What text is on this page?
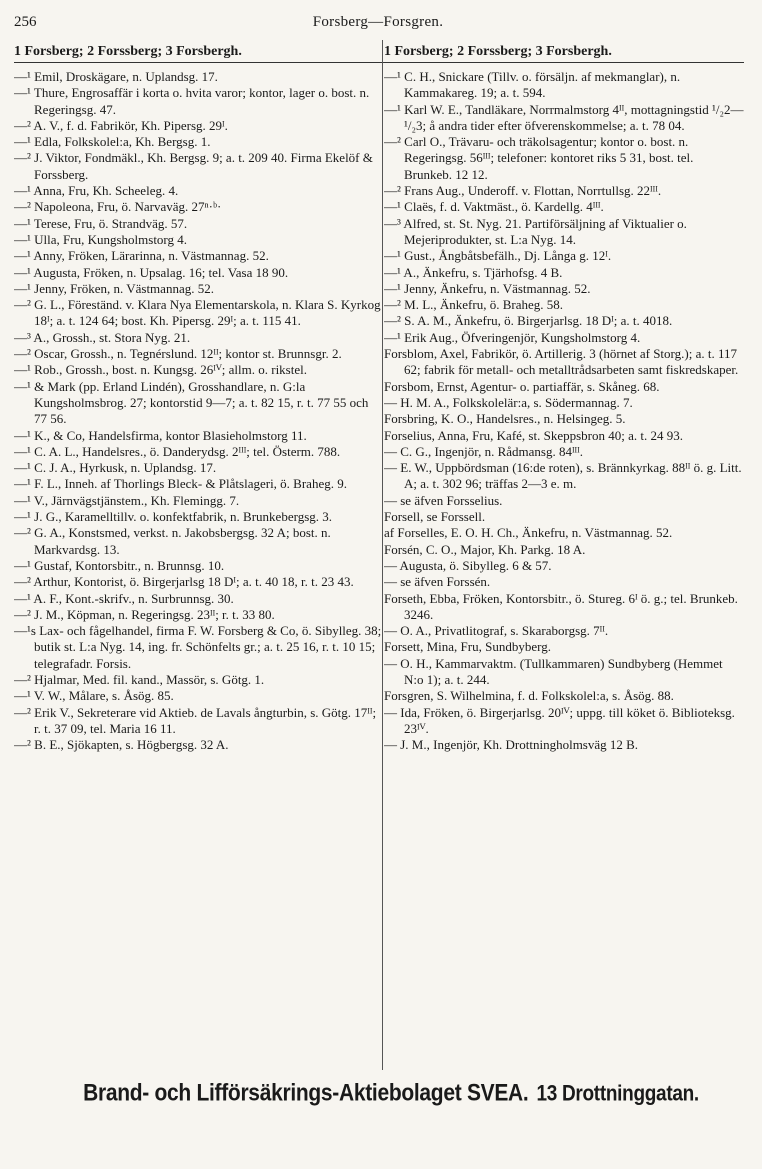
256	Forsberg—Forsgren.
1 Forsberg; 2 Forssberg; 3 Forsbergh.
—¹ Emil, Droskägare, n. Uplandsg. 17.
—¹ Thure, Engrosaffär i korta o. hvita varor; kontor, lager o. bost. n. Regeringsg. 47.
—² A. V., f. d. Fabrikör, Kh. Pipersg. 29ᴵ.
—¹ Edla, Folkskolel:a, Kh. Bergsg. 1.
—² J. Viktor, Fondmäkl., Kh. Bergsg. 9; a. t. 209 40. Firma Ekelöf & Forssberg.
—¹ Anna, Fru, Kh. Scheeleg. 4.
—² Napoleona, Fru, ö. Narvaväg. 27ⁿ·ᵇ·
—¹ Terese, Fru, ö. Strandväg. 57.
—¹ Ulla, Fru, Kungsholmstorg 4.
—¹ Anny, Fröken, Lärarinna, n. Västmannag. 52.
—¹ Augusta, Fröken, n. Upsalag. 16; tel. Vasa 18 90.
—¹ Jenny, Fröken, n. Västmannag. 52.
—² G. L., Föreständ. v. Klara Nya Elementarskola, n. Klara S. Kyrkog 18ᴵ; a. t. 124 64; bost. Kh. Pipersg. 29ᴵ; a. t. 115 41.
—³ A., Grossh., st. Stora Nyg. 21.
—² Oscar, Grossh., n. Tegnérslund. 12ᴵᴵ; kontor st. Brunnsgr. 2.
—¹ Rob., Grossh., bost. n. Kungsg. 26ᴵⱽ; allm. o. rikstel.
—¹ & Mark (pp. Erland Lindén), Grosshandlare, n. G:la Kungsholmsbrog. 27; kontorstid 9—7; a. t. 82 15, r. t. 77 55 och 77 56.
—¹ K., & Co, Handelsfirma, kontor Blasieholmstorg 11.
—¹ C. A. L., Handelsres., ö. Danderydsg. 2ᴵᴵᴵ; tel. Österm. 788.
—¹ C. J. A., Hyrkusk, n. Uplandsg. 17.
—¹ F. L., Inneh. af Thorlings Bleck- & Plåtslageri, ö. Braheg. 9.
—¹ V., Järnvägstjänstem., Kh. Flemingg. 7.
—¹ J. G., Karamelltillv. o. konfektfabrik, n. Brunkebergsg. 3.
—² G. A., Konstsmed, verkst. n. Jakobsbergsg. 32 A; bost. n. Markvardsg. 13.
—¹ Gustaf, Kontorsbitr., n. Brunnsg. 10.
—² Arthur, Kontorist, ö. Birgerjarlsg 18 Dᴵ; a. t. 40 18, r. t. 23 43.
—¹ A. F., Kont.-skrifv., n. Surbrunnsg. 30.
—² J. M., Köpman, n. Regeringsg. 23ᴵᴵ; r. t. 33 80.
—¹s Lax- och fågelhandel, firma F. W. Forsberg & Co, ö. Sibylleg. 38; butik st. L:a Nyg. 14, ing. fr. Schönfelts gr.; a. t. 25 16, r. t. 10 15; telegrafadr. Forsis.
—² Hjalmar, Med. fil. kand., Massör, s. Götg. 1.
—¹ V. W., Målare, s. Åsög. 85.
—² Erik V., Sekreterare vid Aktieb. de Lavals ångturbin, s. Götg. 17ᴵᴵ; r. t. 37 09, tel. Maria 16 11.
—² B. E., Sjökapten, s. Högbergsg. 32 A.
1 Forsberg; 2 Forssberg; 3 Forsbergh.
—¹ C. H., Snickare (Tillv. o. försäljn. af mekmanglar), n. Kammakareg. 19; a. t. 594.
—¹ Karl W. E., Tandläkare, Norrmalmstorg 4ᴵᴵ, mottagningstid ¹/₂2—¹/₂3; å andra tider efter öfverenskommelse; a. t. 78 04.
—² Carl O., Trävaru- och träkolsagentur; kontor o. bost. n. Regeringsg. 56ᴵᴵᴵ; telefoner: kontoret riks 5 31, bost. tel. Brunkeb. 12 12.
—² Frans Aug., Underoff. v. Flottan, Norrtullsg. 22ᴵᴵᴵ.
—¹ Claës, f. d. Vaktmäst., ö. Kardellg. 4ᴵᴵᴵ.
—³ Alfred, st. St. Nyg. 21. Partiförsäljning af Viktualier o. Mejeriprodukter, st. L:a Nyg. 14.
—¹ Gust., Ångbåtsbefälh., Dj. Långa g. 12ᴵ.
—¹ A., Änkefru, s. Tjärhofsg. 4 B.
—¹ Jenny, Änkefru, n. Västmannag. 52.
—² M. L., Änkefru, ö. Braheg. 58.
—² S. A. M., Änkefru, ö. Birgerjarlsg. 18 Dᴵ; a. t. 4018.
—¹ Erik Aug., Öfveringenjör, Kungsholmstorg 4.
Forsblom, Axel, Fabrikör, ö. Artillerig. 3 (hörnet af Storg.); a. t. 117 62; fabrik för metall- och metalltrådsarbeten samt fiskredskaper.
Forsbom, Ernst, Agentur- o. partiaffär, s. Skåneg. 68.
— H. M. A., Folkskolelär:a, s. Södermannag. 7.
Forsbring, K. O., Handelsres., n. Helsingeg. 5.
Forselius, Anna, Fru, Kafé, st. Skeppsbron 40; a. t. 24 93.
— C. G., Ingenjör, n. Rådmansg. 84ᴵᴵᴵ.
— E. W., Uppbördsman (16:de roten), s. Brännkyrkag. 88ᴵᴵ ö. g. Litt. A; a. t. 302 96; träffas 2—3 e. m.
— se äfven Forsselius.
Forsell, se Forssell.
af Forselles, E. O. H. Ch., Änkefru, n. Västmannag. 52.
Forsén, C. O., Major, Kh. Parkg. 18 A.
— Augusta, ö. Sibylleg. 6 & 57.
— se äfven Forssén.
Forseth, Ebba, Fröken, Kontorsbitr., ö. Stureg. 6ᴵ ö. g.; tel. Brunkeb. 3246.
— O. A., Privatlitograf, s. Skaraborgsg. 7ᴵᴵ.
Forsett, Mina, Fru, Sundbyberg.
— O. H., Kammarvaktm. (Tullkammaren) Sundbyberg (Hemmet N:o 1); a. t. 244.
Forsgren, S. Wilhelmina, f. d. Folkskolel:a, s. Åsög. 88.
— Ida, Fröken, ö. Birgerjarlsg. 20ᴵⱽ; uppg. till köket ö. Biblioteksg. 23ᴵⱽ.
— J. M., Ingenjör, Kh. Drottningholmsväg 12 B.
Brand- och Lifförsäkrings-Aktiebolaget SVEA. 13 Drottninggatan.
